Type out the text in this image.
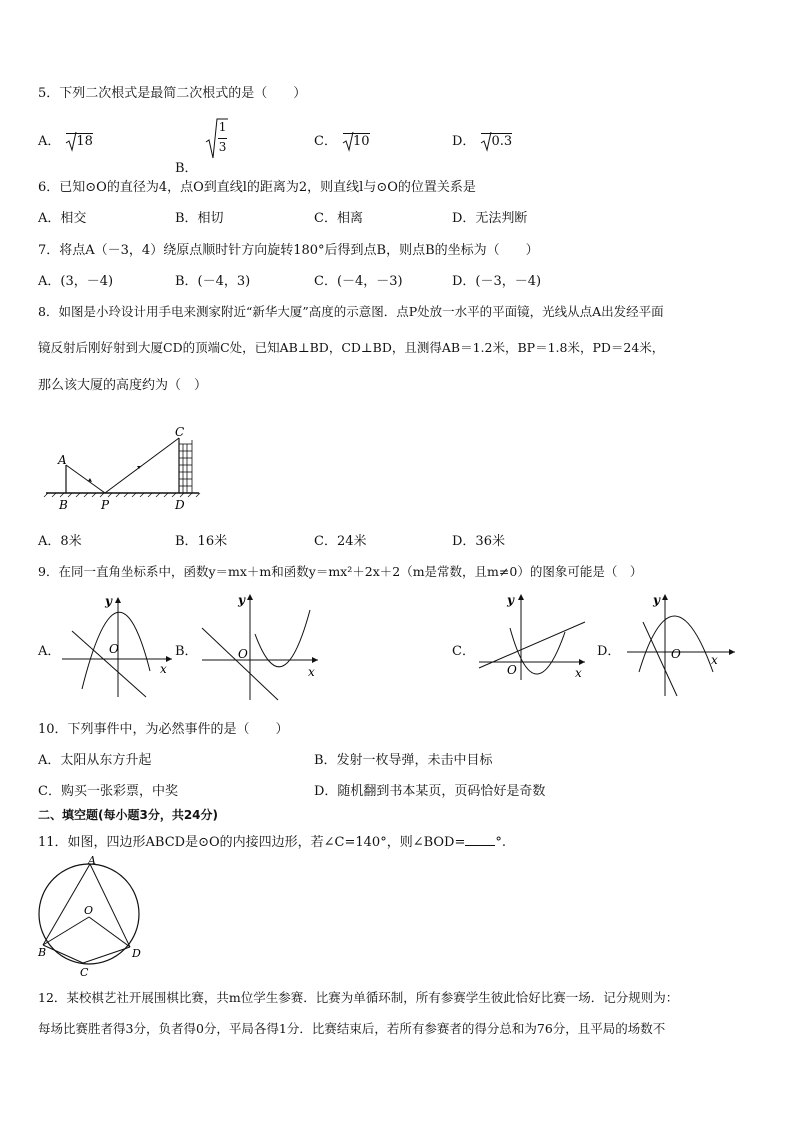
5．下列二次根式是最简二次根式的是（　　）
A． 18
B．
$\frac{1}{3}$	C． 10	D． 0.3
6．已知⊙O的直径为4，点O到直线l的距离为2，则直线l与⊙O的位置关系是
A．相交	B．相切	C．相离	D．无法判断
7．将点A（－3，4）绕原点顺时针方向旋转180°后得到点B，则点B的坐标为（　　）
A．(3，－4)	B．(－4，3)	C．(－4，－3)	D．(－3，－4)
8．如图是小玲设计用手电来测家附近“新华大厦”高度的示意图．点P处放一水平的平面镜，光线从点A出发经平面
镜反射后刚好射到大厦CD的顶端C处，已知AB⊥BD，CD⊥BD，且测得AB＝1.2米，BP＝1.8米，PD＝24米，
那么该大厦的高度约为（　）
A
B	P
C
D
A．8米	B．16米	C．24米	D．36米
9．在同一直角坐标系中，函数y＝mx＋m和函数y＝mx²＋2x＋2（m是常数，且m≠0）的图象可能是（　）
A．
y
x
O	B．
y
x
O	C．
y
x
O
D．
y
x
O
10．下列事件中，为必然事件的是（　　）
A．太阳从东方升起	B．发射一枚导弹，未击中目标
C．购买一张彩票，中奖	D．随机翻到书本某页，页码恰好是奇数
二、填空题(每小题3分，共24分)
11．如图，四边形ABCD是⊙O的内接四边形，若∠C=140°，则∠BOD= °.
A
O
B
C
D
12．某校棋艺社开展围棋比赛，共m位学生参赛．比赛为单循环制，所有参赛学生彼此恰好比赛一场．记分规则为：
每场比赛胜者得3分，负者得0分，平局各得1分．比赛结束后，若所有参赛者的得分总和为76分，且平局的场数不
